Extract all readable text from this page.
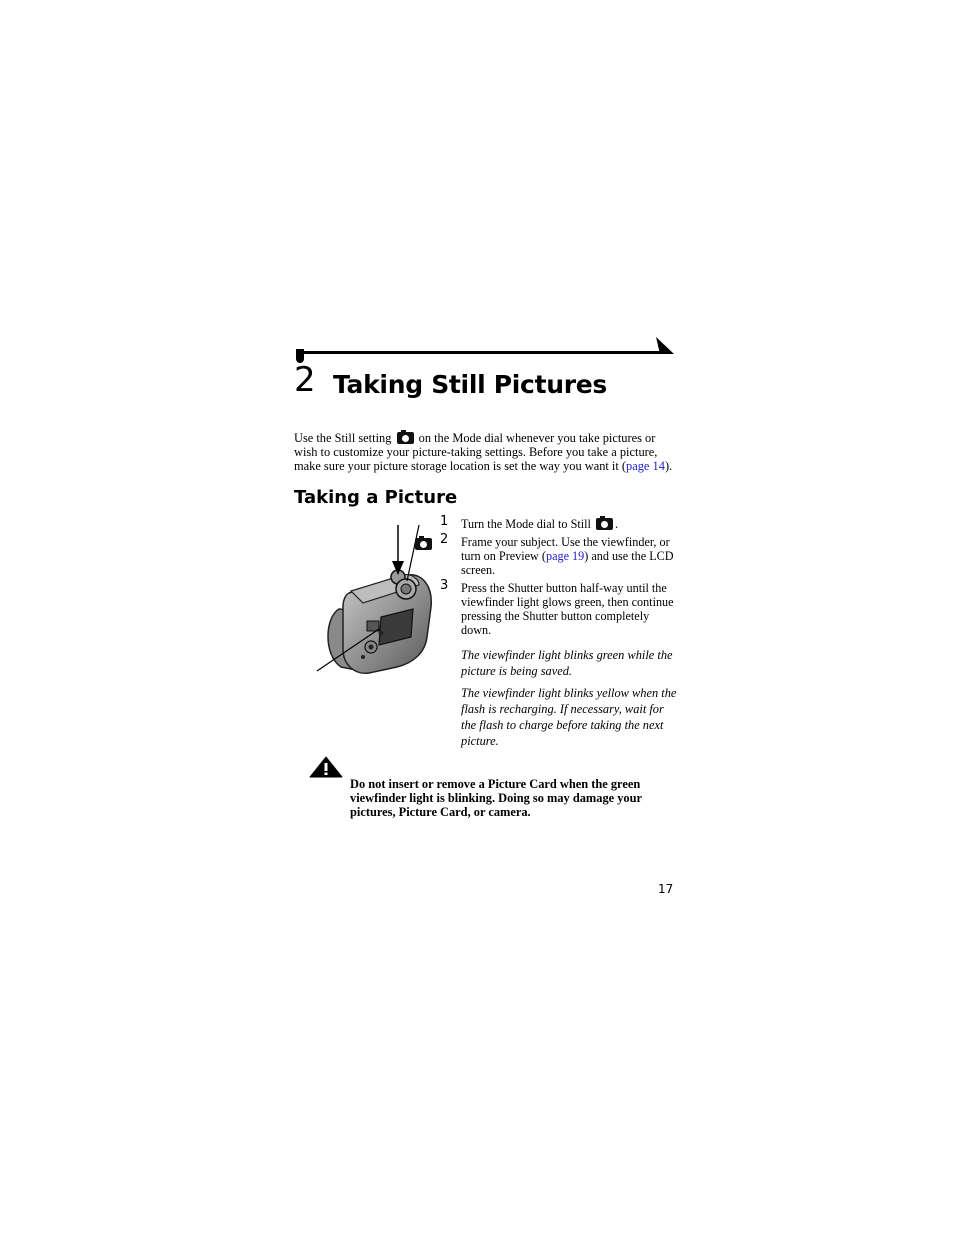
2 Taking Still Pictures
Use the Still setting on the Mode dial whenever you take pictures or wish to customize your picture-taking settings. Before you take a picture, make sure your picture storage location is set the way you want it (page 14).
Taking a Picture
1 Turn the Mode dial to Still .
2 Frame your subject. Use the viewfinder, or turn on Preview (page 19) and use the LCD screen.
3 Press the Shutter button half-way until the viewfinder light glows green, then continue pressing the Shutter button completely down.
The viewfinder light blinks green while the picture is being saved.
The viewfinder light blinks yellow when the flash is recharging. If necessary, wait for the flash to charge before taking the next picture.
Do not insert or remove a Picture Card when the green viewfinder light is blinking. Doing so may damage your pictures, Picture Card, or camera.
17
